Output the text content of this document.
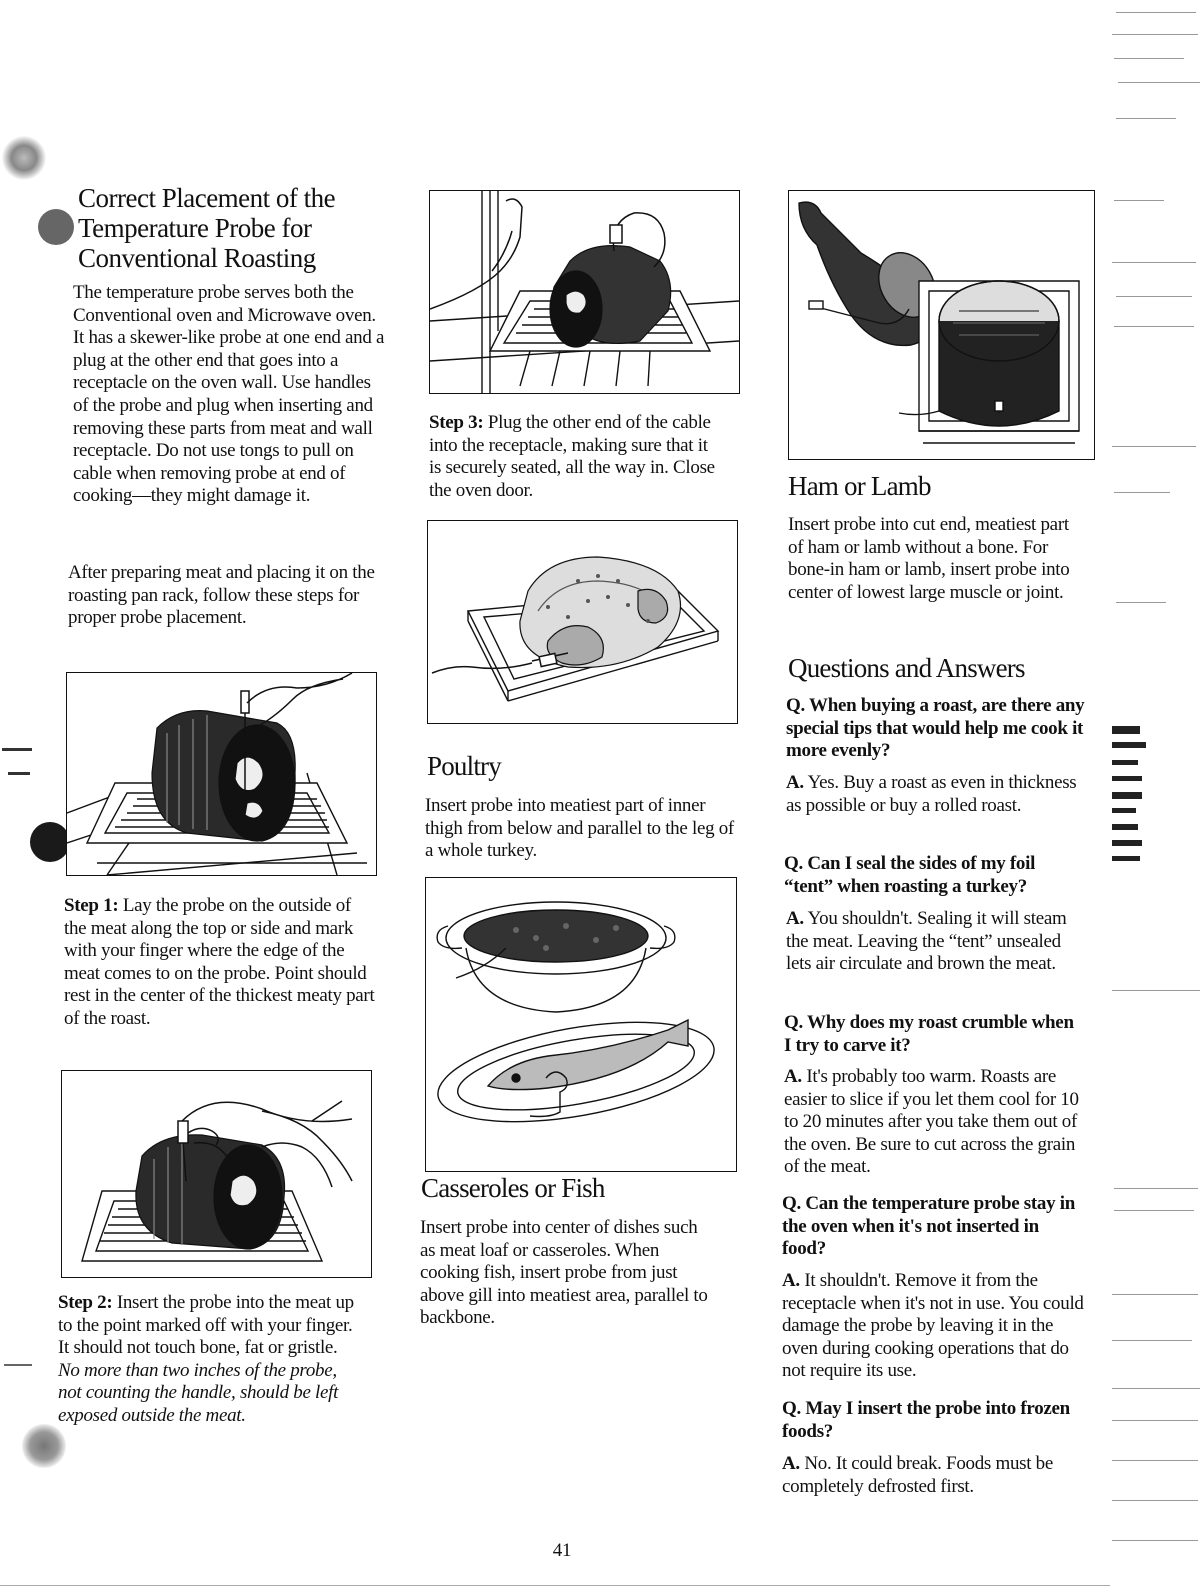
Correct Placement of the
Temperature Probe for
Conventional Roasting
The temperature probe serves both the Conventional oven and Microwave oven. It has a skewer-like probe at one end and a plug at the other end that goes into a receptacle on the oven wall. Use handles of the probe and plug when inserting and removing these parts from meat and wall receptacle. Do not use tongs to pull on cable when removing probe at end of cooking—they might damage it.
After preparing meat and placing it on the roasting pan rack, follow these steps for proper probe placement.
Step 1: Lay the probe on the outside of the meat along the top or side and mark with your finger where the edge of the meat comes to on the probe. Point should rest in the center of the thickest meaty part of the roast.
Step 2: Insert the probe into the meat up to the point marked off with your finger. It should not touch bone, fat or gristle. No more than two inches of the probe, not counting the handle, should be left exposed outside the meat.
Step 3: Plug the other end of the cable into the receptacle, making sure that it is securely seated, all the way in. Close the oven door.
Poultry
Insert probe into meatiest part of inner thigh from below and parallel to the leg of a whole turkey.
Casseroles or Fish
Insert probe into center of dishes such as meat loaf or casseroles. When cooking fish, insert probe from just above gill into meatiest area, parallel to backbone.
Ham or Lamb
Insert probe into cut end, meatiest part of ham or lamb without a bone. For bone-in ham or lamb, insert probe into center of lowest large muscle or joint.
Questions and Answers
Q. When buying a roast, are there any special tips that would help me cook it more evenly?
A. Yes. Buy a roast as even in thickness as possible or buy a rolled roast.
Q. Can I seal the sides of my foil “tent” when roasting a turkey?
A. You shouldn't. Sealing it will steam the meat. Leaving the “tent” unsealed lets air circulate and brown the meat.
Q. Why does my roast crumble when I try to carve it?
A. It's probably too warm. Roasts are easier to slice if you let them cool for 10 to 20 minutes after you take them out of the oven. Be sure to cut across the grain of the meat.
Q. Can the temperature probe stay in the oven when it's not inserted in food?
A. It shouldn't. Remove it from the receptacle when it's not in use. You could damage the probe by leaving it in the oven during cooking operations that do not require its use.
Q. May I insert the probe into frozen foods?
A. No. It could break. Foods must be completely defrosted first.
41
